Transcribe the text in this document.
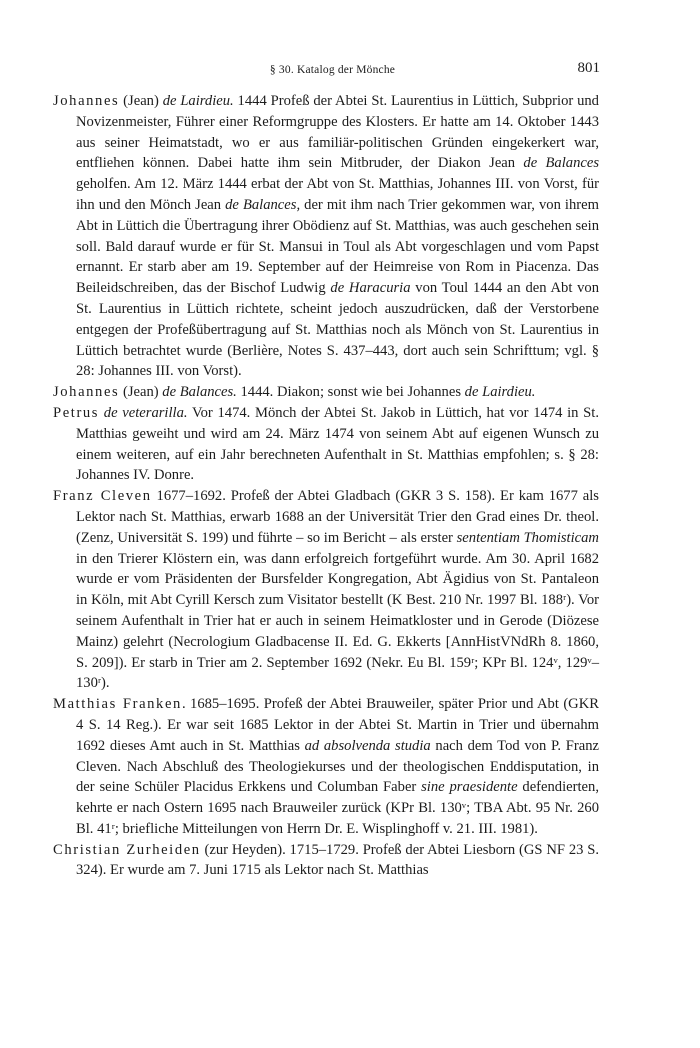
§ 30. Katalog der Mönche	801

Johannes (Jean) de Lairdieu. 1444 Profeß der Abtei St. Laurentius in Lüttich, Subprior und Novizenmeister, Führer einer Reformgruppe des Klosters. Er hatte am 14. Oktober 1443 aus seiner Heimatstadt, wo er aus familiär-politischen Gründen eingekerkert war, entfliehen können. Dabei hatte ihm sein Mitbruder, der Diakon Jean de Balances geholfen. Am 12. März 1444 erbat der Abt von St. Matthias, Johannes III. von Vorst, für ihn und den Mönch Jean de Balances, der mit ihm nach Trier gekommen war, von ihrem Abt in Lüttich die Übertragung ihrer Obödienz auf St. Matthias, was auch geschehen sein soll. Bald darauf wurde er für St. Mansui in Toul als Abt vorgeschlagen und vom Papst ernannt. Er starb aber am 19. September auf der Heimreise von Rom in Piacenza. Das Beileidschreiben, das der Bischof Ludwig de Haracuria von Toul 1444 an den Abt von St. Laurentius in Lüttich richtete, scheint jedoch auszudrücken, daß der Verstorbene entgegen der Profeßübertragung auf St. Matthias noch als Mönch von St. Laurentius in Lüttich betrachtet wurde (Berlière, Notes S. 437–443, dort auch sein Schrifttum; vgl. § 28: Johannes III. von Vorst).

Johannes (Jean) de Balances. 1444. Diakon; sonst wie bei Johannes de Lairdieu.

Petrus de veterarilla. Vor 1474. Mönch der Abtei St. Jakob in Lüttich, hat vor 1474 in St. Matthias geweiht und wird am 24. März 1474 von seinem Abt auf eigenen Wunsch zu einem weiteren, auf ein Jahr berechneten Aufenthalt in St. Matthias empfohlen; s. § 28: Johannes IV. Donre.

Franz Cleven 1677–1692. Profeß der Abtei Gladbach (GKR 3 S. 158). Er kam 1677 als Lektor nach St. Matthias, erwarb 1688 an der Universität Trier den Grad eines Dr. theol. (Zenz, Universität S. 199) und führte – so im Bericht – als erster sententiam Thomisticam in den Trierer Klöstern ein, was dann erfolgreich fortgeführt wurde. Am 30. April 1682 wurde er vom Präsidenten der Bursfelder Kongregation, Abt Ägidius von St. Pantaleon in Köln, mit Abt Cyrill Kersch zum Visitator bestellt (K Best. 210 Nr. 1997 Bl. 188ʳ). Vor seinem Aufenthalt in Trier hat er auch in seinem Heimatkloster und in Gerode (Diözese Mainz) gelehrt (Necrologium Gladbacense II. Ed. G. Ekkerts [AnnHistVNdRh 8. 1860, S. 209]). Er starb in Trier am 2. September 1692 (Nekr. Eu Bl. 159ʳ; KPr Bl. 124ᵛ, 129ᵛ–130ʳ).

Matthias Franken. 1685–1695. Profeß der Abtei Brauweiler, später Prior und Abt (GKR 4 S. 14 Reg.). Er war seit 1685 Lektor in der Abtei St. Martin in Trier und übernahm 1692 dieses Amt auch in St. Matthias ad absolvenda studia nach dem Tod von P. Franz Cleven. Nach Abschluß des Theologiekurses und der theologischen Enddisputation, in der seine Schüler Placidus Erkkens und Columban Faber sine praesidente defendierten, kehrte er nach Ostern 1695 nach Brauweiler zurück (KPr Bl. 130ᵛ; TBA Abt. 95 Nr. 260 Bl. 41ʳ; briefliche Mitteilungen von Herrn Dr. E. Wisplinghoff v. 21. III. 1981).

Christian Zurheiden (zur Heyden). 1715–1729. Profeß der Abtei Liesborn (GS NF 23 S. 324). Er wurde am 7. Juni 1715 als Lektor nach St. Matthias
